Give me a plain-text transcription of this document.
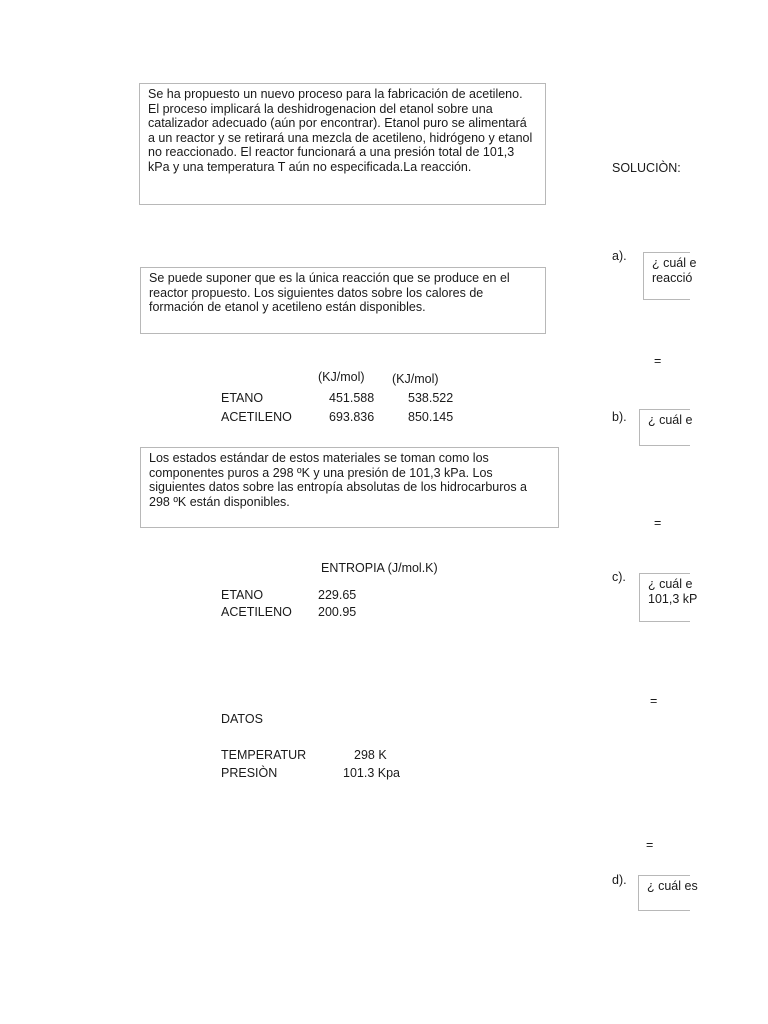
Se ha propuesto un nuevo proceso para la fabricación de acetileno. El proceso implicará la deshidrogenacion del etanol sobre una catalizador adecuado (aún por encontrar). Etanol puro se alimentará a un reactor y se retirará una mezcla de acetileno, hidrógeno y etanol no reaccionado. El reactor funcionará a una presión total de 101,3 kPa y una temperatura T aún no especificada.La reacción.
Se puede suponer que es la única reacción que se produce en el reactor propuesto. Los siguientes datos sobre los calores de formación de etanol y acetileno están disponibles.
(KJ/mol) (KJ/mol)
ETANO	451.588	538.522
ACETILENO	693.836	850.145
Los estados estándar de estos materiales se toman como los componentes puros a 298 ºK y una presión de 101,3 kPa. Los siguientes datos sobre las entropía absolutas de los hidrocarburos a 298 ºK están disponibles.
ENTROPIA (J/mol.K)
ETANO	229.65
ACETILENO 200.95
DATOS
TEMPERATUR	298 K
PRESIÒN	101.3 Kpa
SOLUCIÒN:
a). ¿ cuál e
reacció
=
b). ¿ cuál e
=
c). ¿ cuál e
101,3 kP
=
=
d). ¿ cuál es
